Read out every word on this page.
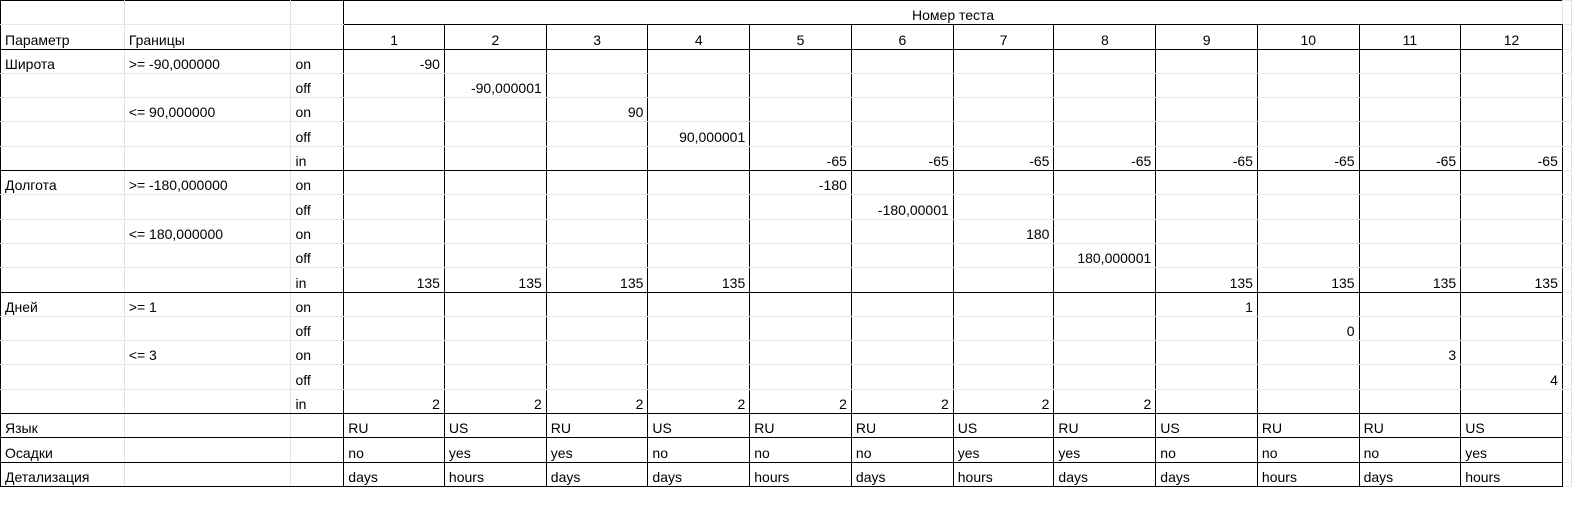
			Номер теста												
Параметр	Границы		1	2	3	4	5	6	7	8	9	10	11	12	
Широта	>= -90,000000	on	-90												
		off		-90,000001											
	<= 90,000000	on			90										
		off				90,000001									
		in					-65	-65	-65	-65	-65	-65	-65	-65	
Долгота	>= -180,000000	on					-180								
		off						-180,00001							
	<= 180,000000	on							180						
		off								180,000001					
		in	135	135	135	135					135	135	135	135	
Дней	>= 1	on									1				
		off										0			
	<= 3	on											3		
		off												4	
		in	2	2	2	2	2	2	2	2					
Язык			RU	US	RU	US	RU	RU	US	RU	US	RU	RU	US	
Осадки			no	yes	yes	no	no	no	yes	yes	no	no	no	yes	
Детализация			days	hours	days	days	hours	days	hours	days	days	hours	days	hours	
